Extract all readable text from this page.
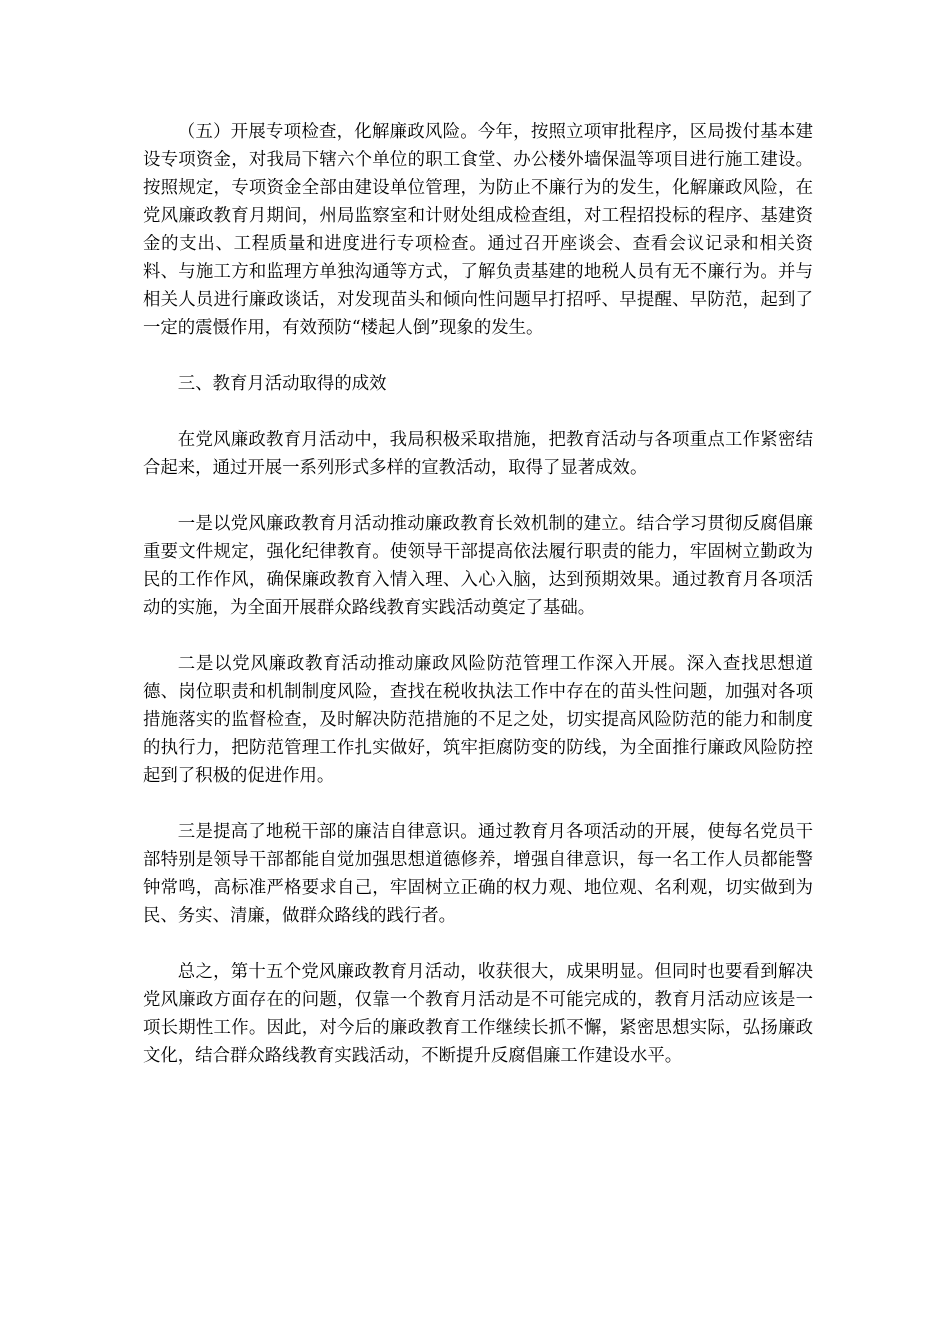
（五）开展专项检查，化解廉政风险。今年，按照立项审批程序，区局拨付基本建设专项资金，对我局下辖六个单位的职工食堂、办公楼外墙保温等项目进行施工建设。按照规定，专项资金全部由建设单位管理，为防止不廉行为的发生，化解廉政风险，在党风廉政教育月期间，州局监察室和计财处组成检查组，对工程招投标的程序、基建资金的支出、工程质量和进度进行专项检查。通过召开座谈会、查看会议记录和相关资料、与施工方和监理方单独沟通等方式，了解负责基建的地税人员有无不廉行为。并与相关人员进行廉政谈话，对发现苗头和倾向性问题早打招呼、早提醒、早防范，起到了一定的震慑作用，有效预防“楼起人倒”现象的发生。

三、教育月活动取得的成效

在党风廉政教育月活动中，我局积极采取措施，把教育活动与各项重点工作紧密结合起来，通过开展一系列形式多样的宣教活动，取得了显著成效。

一是以党风廉政教育月活动推动廉政教育长效机制的建立。结合学习贯彻反腐倡廉重要文件规定，强化纪律教育。使领导干部提高依法履行职责的能力，牢固树立勤政为民的工作作风，确保廉政教育入情入理、入心入脑，达到预期效果。通过教育月各项活动的实施，为全面开展群众路线教育实践活动奠定了基础。

二是以党风廉政教育活动推动廉政风险防范管理工作深入开展。深入查找思想道德、岗位职责和机制制度风险，查找在税收执法工作中存在的苗头性问题，加强对各项措施落实的监督检查，及时解决防范措施的不足之处，切实提高风险防范的能力和制度的执行力，把防范管理工作扎实做好，筑牢拒腐防变的防线，为全面推行廉政风险防控起到了积极的促进作用。

三是提高了地税干部的廉洁自律意识。通过教育月各项活动的开展，使每名党员干部特别是领导干部都能自觉加强思想道德修养，增强自律意识，每一名工作人员都能警钟常鸣，高标准严格要求自己，牢固树立正确的权力观、地位观、名利观，切实做到为民、务实、清廉，做群众路线的践行者。

总之，第十五个党风廉政教育月活动，收获很大，成果明显。但同时也要看到解决党风廉政方面存在的问题，仅靠一个教育月活动是不可能完成的，教育月活动应该是一项长期性工作。因此，对今后的廉政教育工作继续长抓不懈，紧密思想实际，弘扬廉政文化，结合群众路线教育实践活动，不断提升反腐倡廉工作建设水平。
